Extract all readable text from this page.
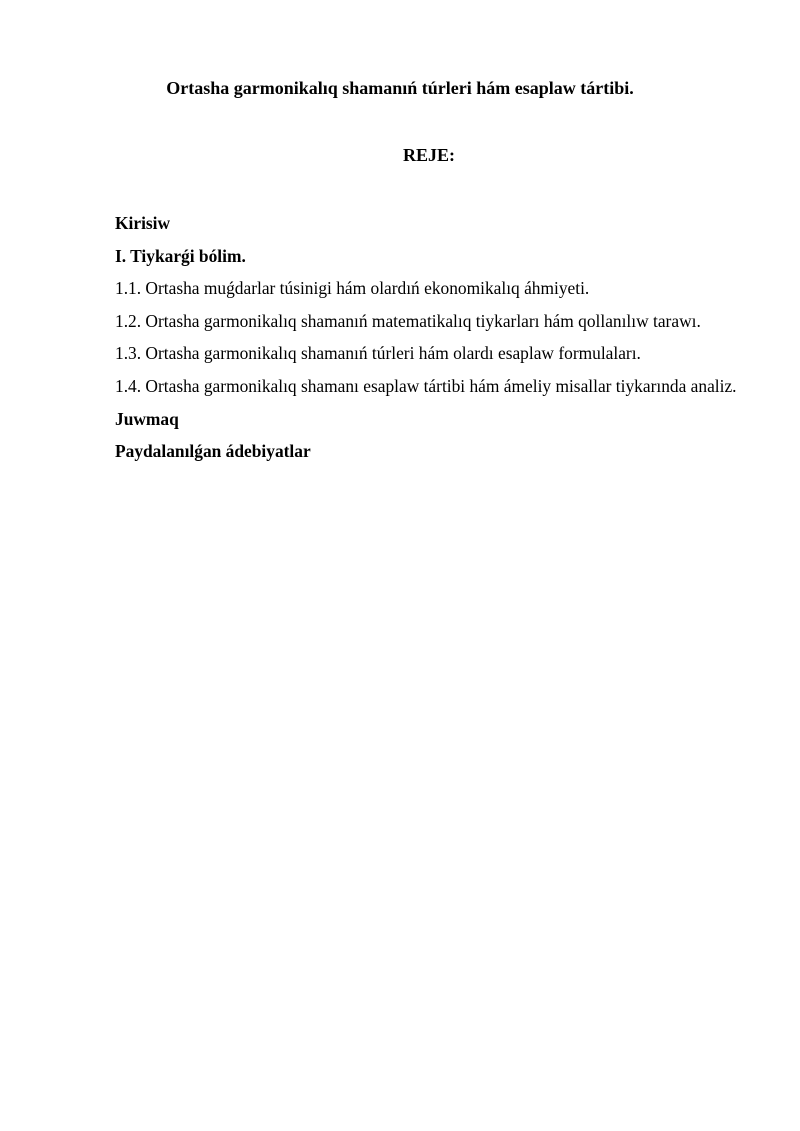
Ortasha garmonikalıq shamanıń túrleri hám esaplaw tártibi.
REJE:

Kirisiw

I. Tiykarǵi bólim.

1.1. Ortasha muǵdarlar túsinigi hám olardıń ekonomikalıq áhmiyeti.

1.2. Ortasha garmonikalıq shamanıń matematikalıq tiykarları hám qollanılıw tarawı.

1.3. Ortasha garmonikalıq shamanıń túrleri hám olardı esaplaw formulaları.

1.4. Ortasha garmonikalıq shamanı esaplaw tártibi hám ámeliy misallar tiykarında analiz.

Juwmaq

Paydalanılǵan ádebiyatlar
